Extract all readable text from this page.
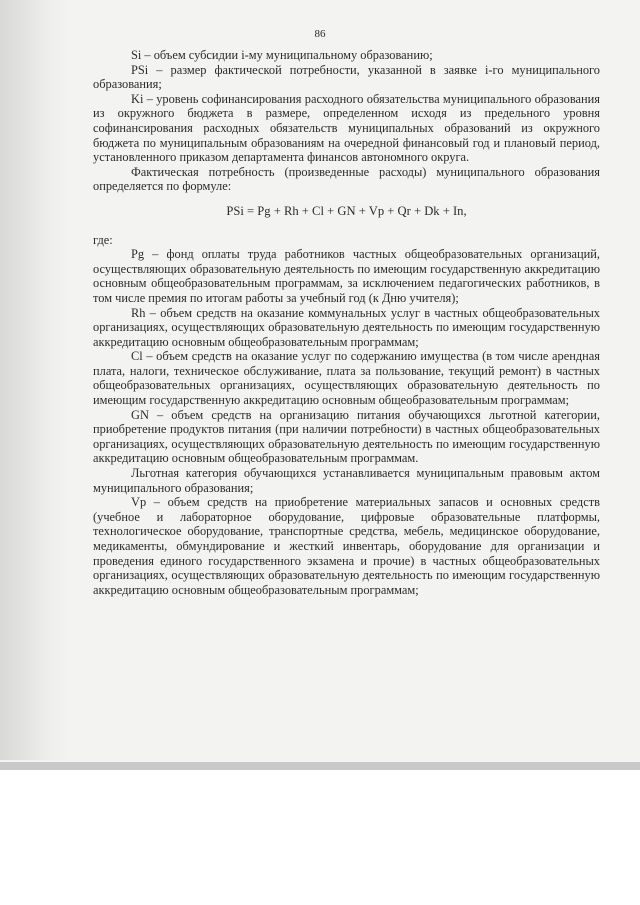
86

Si – объем субсидии i-му муниципальному образованию;

PSi – размер фактической потребности, указанной в заявке i-го муниципального образования;

Ki – уровень софинансирования расходного обязательства муниципального образования из окружного бюджета в размере, определенном исходя из предельного уровня софинансирования расходных обязательств муниципальных образований из окружного бюджета по муниципальным образованиям на очередной финансовый год и плановый период, установленного приказом департамента финансов автономного округа.

Фактическая потребность (произведенные расходы) муниципального образования определяется по формуле:

PSi = Pg + Rh + Cl + GN + Vp + Qr + Dk + In,

где:

Pg – фонд оплаты труда работников частных общеобразовательных организаций, осуществляющих образовательную деятельность по имеющим государственную аккредитацию основным общеобразовательным программам, за исключением педагогических работников, в том числе премия по итогам работы за учебный год (к Дню учителя);

Rh – объем средств на оказание коммунальных услуг в частных общеобразовательных организациях, осуществляющих образовательную деятельность по имеющим государственную аккредитацию основным общеобразовательным программам;

Cl – объем средств на оказание услуг по содержанию имущества (в том числе арендная плата, налоги, техническое обслуживание, плата за пользование, текущий ремонт) в частных общеобразовательных организациях, осуществляющих образовательную деятельность по имеющим государственную аккредитацию основным общеобразовательным программам;

GN – объем средств на организацию питания обучающихся льготной категории, приобретение продуктов питания (при наличии потребности) в частных общеобразовательных организациях, осуществляющих образовательную деятельность по имеющим государственную аккредитацию основным общеобразовательным программам.

Льготная категория обучающихся устанавливается муниципальным правовым актом муниципального образования;

Vp – объем средств на приобретение материальных запасов и основных средств (учебное и лабораторное оборудование, цифровые образовательные платформы, технологическое оборудование, транспортные средства, мебель, медицинское оборудование, медикаменты, обмундирование и жесткий инвентарь, оборудование для организации и проведения единого государственного экзамена и прочие) в частных общеобразовательных организациях, осуществляющих образовательную деятельность по имеющим государственную аккредитацию основным общеобразовательным программам;
